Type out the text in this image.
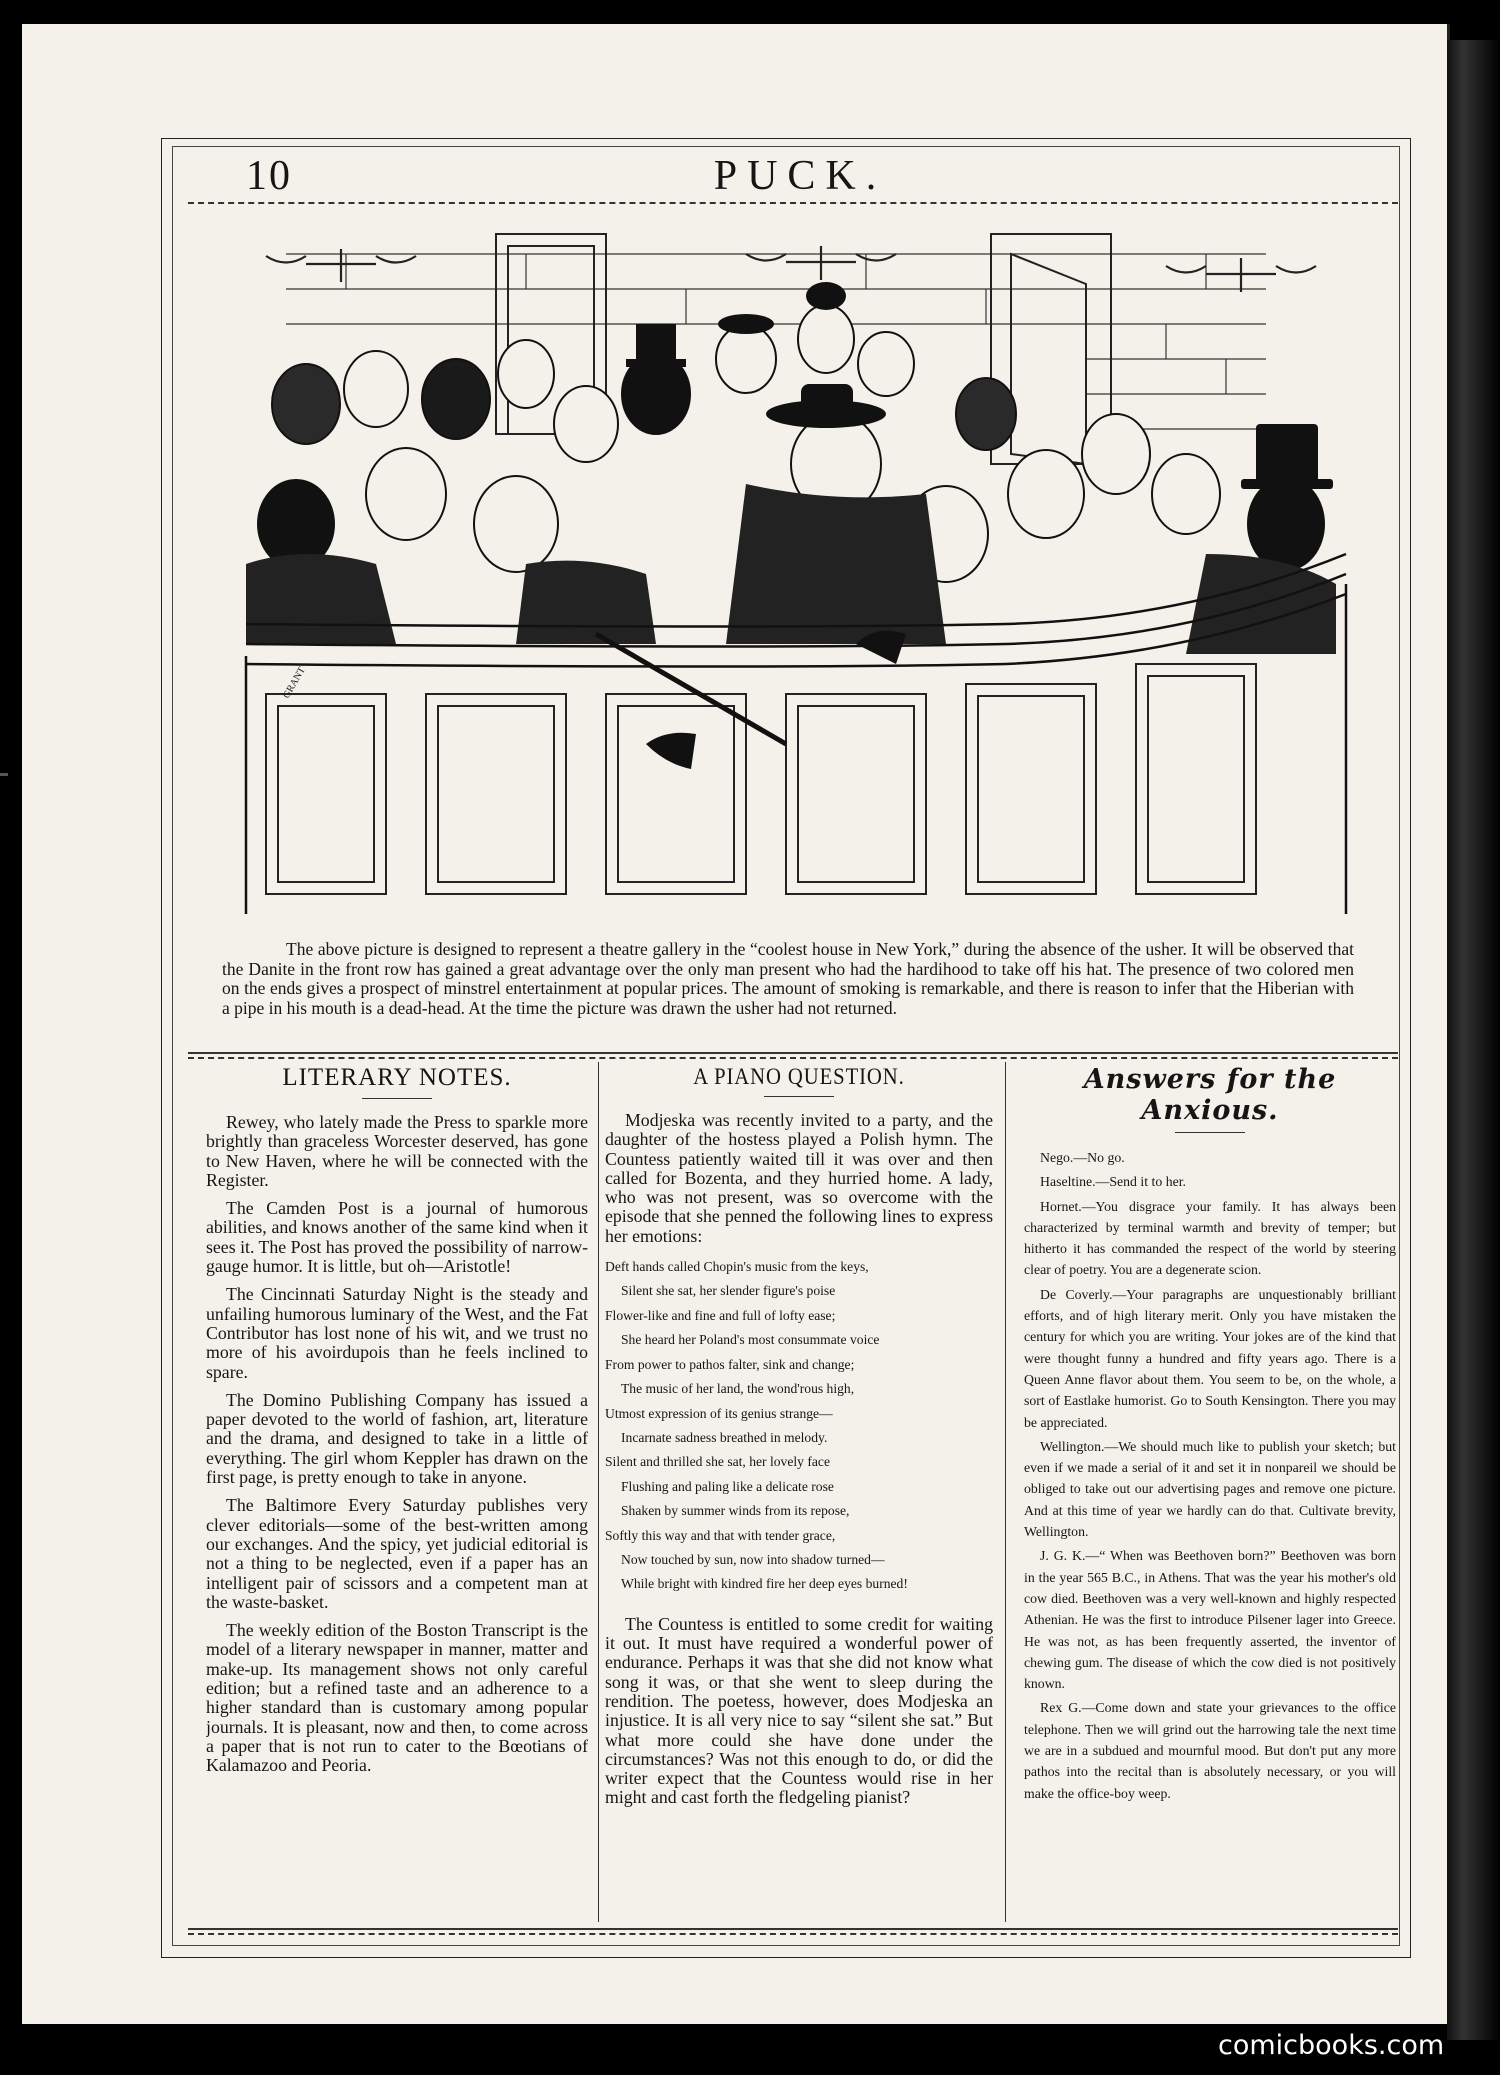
10	PUCK.
GRANT
The above picture is designed to represent a theatre gallery in the “coolest house in New York,” during the absence of the usher. It will be observed that the Danite in the front row has gained a great advantage over the only man present who had the hardihood to take off his hat. The presence of two colored men on the ends gives a prospect of minstrel entertainment at popular prices. The amount of smoking is remarkable, and there is reason to infer that the Hiberian with a pipe in his mouth is a dead-head. At the time the picture was drawn the usher had not returned.
LITERARY NOTES.

Rewey, who lately made the Press to sparkle more brightly than graceless Worcester deserved, has gone to New Haven, where he will be connected with the Register.

The Camden Post is a journal of humorous abilities, and knows another of the same kind when it sees it. The Post has proved the possibility of narrow-gauge humor. It is little, but oh—Aristotle!

The Cincinnati Saturday Night is the steady and unfailing humorous luminary of the West, and the Fat Contributor has lost none of his wit, and we trust no more of his avoirdupois than he feels inclined to spare.

The Domino Publishing Company has issued a paper devoted to the world of fashion, art, literature and the drama, and designed to take in a little of everything. The girl whom Keppler has drawn on the first page, is pretty enough to take in anyone.

The Baltimore Every Saturday publishes very clever editorials—some of the best-written among our exchanges. And the spicy, yet judicial editorial is not a thing to be neglected, even if a paper has an intelligent pair of scissors and a competent man at the waste-basket.

The weekly edition of the Boston Transcript is the model of a literary newspaper in manner, matter and make-up. Its management shows not only careful edition; but a refined taste and an adherence to a higher standard than is customary among popular journals. It is pleasant, now and then, to come across a paper that is not run to cater to the Bœotians of Kalamazoo and Peoria.

A PIANO QUESTION.

Modjeska was recently invited to a party, and the daughter of the hostess played a Polish hymn. The Countess patiently waited till it was over and then called for Bozenta, and they hurried home. A lady, who was not present, was so overcome with the episode that she penned the following lines to express her emotions:

Deft hands called Chopin's music from the keys,
Silent she sat, her slender figure's poise
Flower-like and fine and full of lofty ease;
She heard her Poland's most consummate voice
From power to pathos falter, sink and change;
The music of her land, the wond'rous high,
Utmost expression of its genius strange—
Incarnate sadness breathed in melody.
Silent and thrilled she sat, her lovely face
Flushing and paling like a delicate rose
Shaken by summer winds from its repose,
Softly this way and that with tender grace,
Now touched by sun, now into shadow turned—
While bright with kindred fire her deep eyes burned!

The Countess is entitled to some credit for waiting it out. It must have required a wonderful power of endurance. Perhaps it was that she did not know what song it was, or that she went to sleep during the rendition. The poetess, however, does Modjeska an injustice. It is all very nice to say “silent she sat.” But what more could she have done under the circumstances? Was not this enough to do, or did the writer expect that the Countess would rise in her might and cast forth the fledgeling pianist?

Answers for the Anxious.

Nego.—No go.

Haseltine.—Send it to her.

Hornet.—You disgrace your family. It has always been characterized by terminal warmth and brevity of temper; but hitherto it has commanded the respect of the world by steering clear of poetry. You are a degenerate scion.

De Coverly.—Your paragraphs are unquestionably brilliant efforts, and of high literary merit. Only you have mistaken the century for which you are writing. Your jokes are of the kind that were thought funny a hundred and fifty years ago. There is a Queen Anne flavor about them. You seem to be, on the whole, a sort of Eastlake humorist. Go to South Kensington. There you may be appreciated.

Wellington.—We should much like to publish your sketch; but even if we made a serial of it and set it in nonpareil we should be obliged to take out our advertising pages and remove one picture. And at this time of year we hardly can do that. Cultivate brevity, Wellington.

J. G. K.—“ When was Beethoven born?” Beethoven was born in the year 565 B.C., in Athens. That was the year his mother's old cow died. Beethoven was a very well-known and highly respected Athenian. He was the first to introduce Pilsener lager into Greece. He was not, as has been frequently asserted, the inventor of chewing gum. The disease of which the cow died is not positively known.

Rex G.—Come down and state your grievances to the office telephone. Then we will grind out the harrowing tale the next time we are in a subdued and mournful mood. But don't put any more pathos into the recital than is absolutely necessary, or you will make the office-boy weep.

comicbooks.com
